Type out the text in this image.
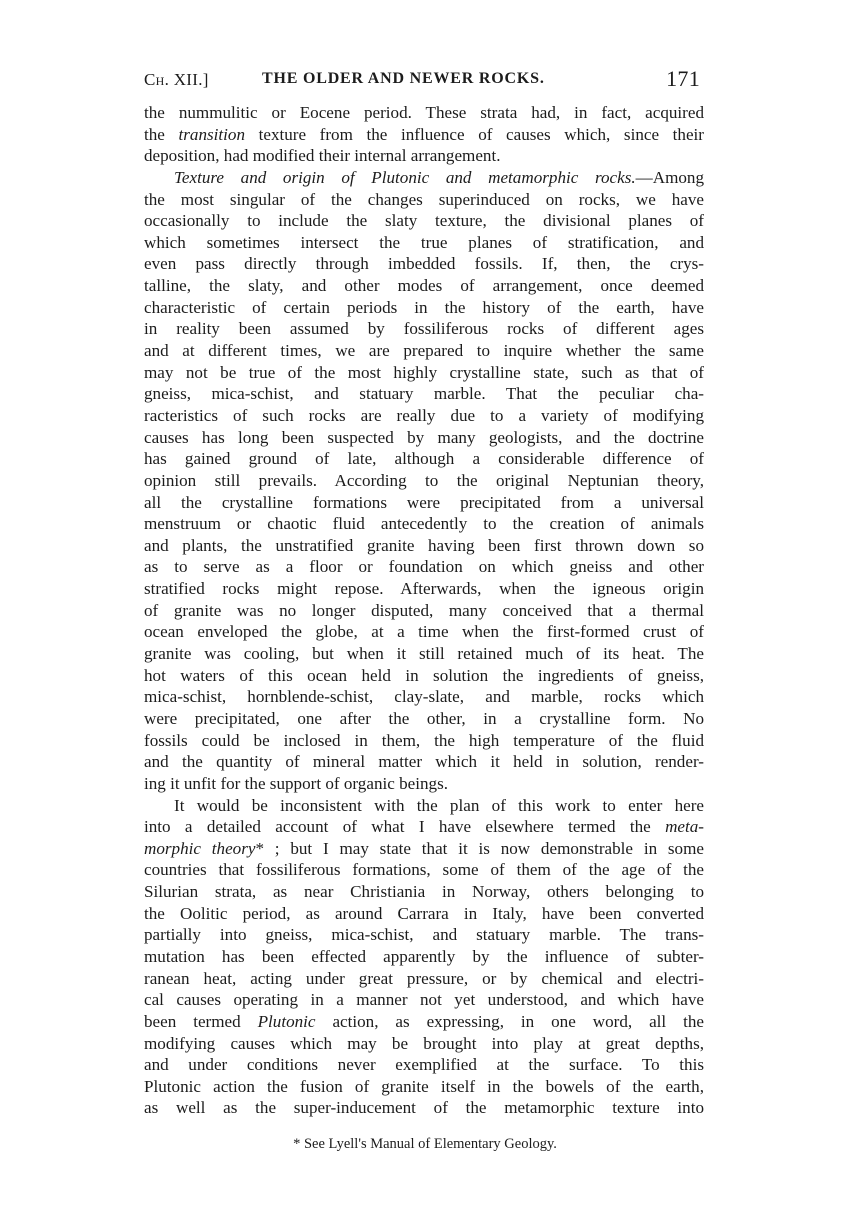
Ch. XII.]	THE OLDER AND NEWER ROCKS.	171
the nummulitic or Eocene period. These strata had, in fact, acquired
the transition texture from the influence of causes which, since their
deposition, had modified their internal arrangement.
Texture and origin of Plutonic and metamorphic rocks.—Among
the most singular of the changes superinduced on rocks, we have
occasionally to include the slaty texture, the divisional planes of
which sometimes intersect the true planes of stratification, and
even pass directly through imbedded fossils. If, then, the crys-
talline, the slaty, and other modes of arrangement, once deemed
characteristic of certain periods in the history of the earth, have
in reality been assumed by fossiliferous rocks of different ages
and at different times, we are prepared to inquire whether the same
may not be true of the most highly crystalline state, such as that of
gneiss, mica-schist, and statuary marble. That the peculiar cha-
racteristics of such rocks are really due to a variety of modifying
causes has long been suspected by many geologists, and the doctrine
has gained ground of late, although a considerable difference of
opinion still prevails. According to the original Neptunian theory,
all the crystalline formations were precipitated from a universal
menstruum or chaotic fluid antecedently to the creation of animals
and plants, the unstratified granite having been first thrown down so
as to serve as a floor or foundation on which gneiss and other
stratified rocks might repose. Afterwards, when the igneous origin
of granite was no longer disputed, many conceived that a thermal
ocean enveloped the globe, at a time when the first-formed crust of
granite was cooling, but when it still retained much of its heat. The
hot waters of this ocean held in solution the ingredients of gneiss,
mica-schist, hornblende-schist, clay-slate, and marble, rocks which
were precipitated, one after the other, in a crystalline form. No
fossils could be inclosed in them, the high temperature of the fluid
and the quantity of mineral matter which it held in solution, render-
ing it unfit for the support of organic beings.
It would be inconsistent with the plan of this work to enter here
into a detailed account of what I have elsewhere termed the meta-
morphic theory* ; but I may state that it is now demonstrable in some
countries that fossiliferous formations, some of them of the age of the
Silurian strata, as near Christiania in Norway, others belonging to
the Oolitic period, as around Carrara in Italy, have been converted
partially into gneiss, mica-schist, and statuary marble. The trans-
mutation has been effected apparently by the influence of subter-
ranean heat, acting under great pressure, or by chemical and electri-
cal causes operating in a manner not yet understood, and which have
been termed Plutonic action, as expressing, in one word, all the
modifying causes which may be brought into play at great depths,
and under conditions never exemplified at the surface. To this
Plutonic action the fusion of granite itself in the bowels of the earth,
as well as the super-inducement of the metamorphic texture into
* See Lyell's Manual of Elementary Geology.
